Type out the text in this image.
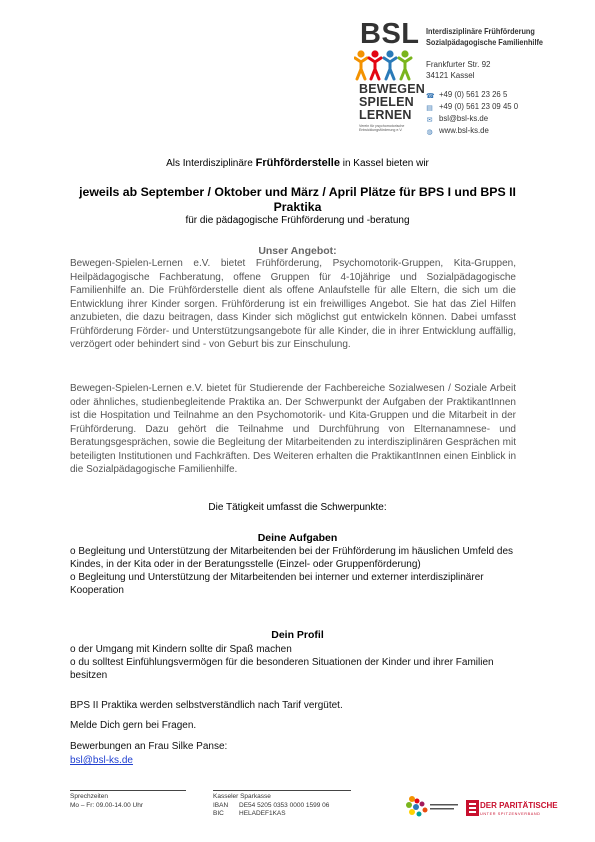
BSL
BEWEGEN
SPIELEN
LERNEN
Verein für psychomotorische Entwicklungsförderung e.V.
Interdisziplinäre Frühförderung
Sozialpädagogische Familienhilfe
Frankfurter Str. 92
34121 Kassel
☎ +49 (0) 561 23 26 5
▤ +49 (0) 561 23 09 45 0
✉ bsl@bsl-ks.de
◍ www.bsl-ks.de
Als Interdisziplinäre Frühförderstelle in Kassel bieten wir
jeweils ab September / Oktober und März / April Plätze für BPS I und BPS II Praktika
für die pädagogische Frühförderung und -beratung
Unser Angebot:
Bewegen-Spielen-Lernen e.V. bietet Frühförderung, Psychomotorik-Gruppen, Kita-Gruppen, Heilpädagogische Fachberatung, offene Gruppen für 4-10jährige und Sozialpädagogische Familienhilfe an. Die Frühförderstelle dient als offene Anlaufstelle für alle Eltern, die sich um die Entwicklung ihrer Kinder sorgen. Frühförderung ist ein freiwilliges Angebot. Sie hat das Ziel Hilfen anzubieten, die dazu beitragen, dass Kinder sich möglichst gut entwickeln können. Dabei umfasst Frühförderung Förder- und Unterstützungsangebote für alle Kinder, die in ihrer Entwicklung auffällig, verzögert oder behindert sind - von Geburt bis zur Einschulung.
Bewegen-Spielen-Lernen e.V. bietet für Studierende der Fachbereiche Sozialwesen / Soziale Arbeit oder ähnliches, studienbegleitende Praktika an. Der Schwerpunkt der Aufgaben der PraktikantInnen ist die Hospitation und Teilnahme an den Psychomotorik- und Kita-Gruppen und die Mitarbeit in der Frühförderung. Dazu gehört die Teilnahme und Durchführung von Elternanamnese- und Beratungsgesprächen, sowie die Begleitung der Mitarbeitenden zu interdisziplinären Gesprächen mit beteiligten Institutionen und Fachkräften. Des Weiteren erhalten die PraktikantInnen einen Einblick in die Sozialpädagogische Familienhilfe.
Die Tätigkeit umfasst die Schwerpunkte:
Deine Aufgaben
o Begleitung und Unterstützung der Mitarbeitenden bei der Frühförderung im häuslichen Umfeld des Kindes, in der Kita oder in der Beratungsstelle (Einzel- oder Gruppenförderung)
o Begleitung und Unterstützung der Mitarbeitenden bei interner und externer interdisziplinärer Kooperation
Dein Profil
o der Umgang mit Kindern sollte dir Spaß machen
o du solltest Einfühlungsvermögen für die besonderen Situationen der Kinder und ihrer Familien besitzen
BPS II Praktika werden selbstverständlich nach Tarif vergütet.
Melde Dich gern bei Fragen.
Bewerbungen an Frau Silke Panse:
bsl@bsl-ks.de
Sprechzeiten
Mo – Fr: 09.00-14.00 Uhr
Kasseler Sparkasse
IBAN DE54 5205 0353 0000 1599 06
BIC HELADEF1KAS
DER PARITÄTISCHE
UNTER SPITZENVERBAND
